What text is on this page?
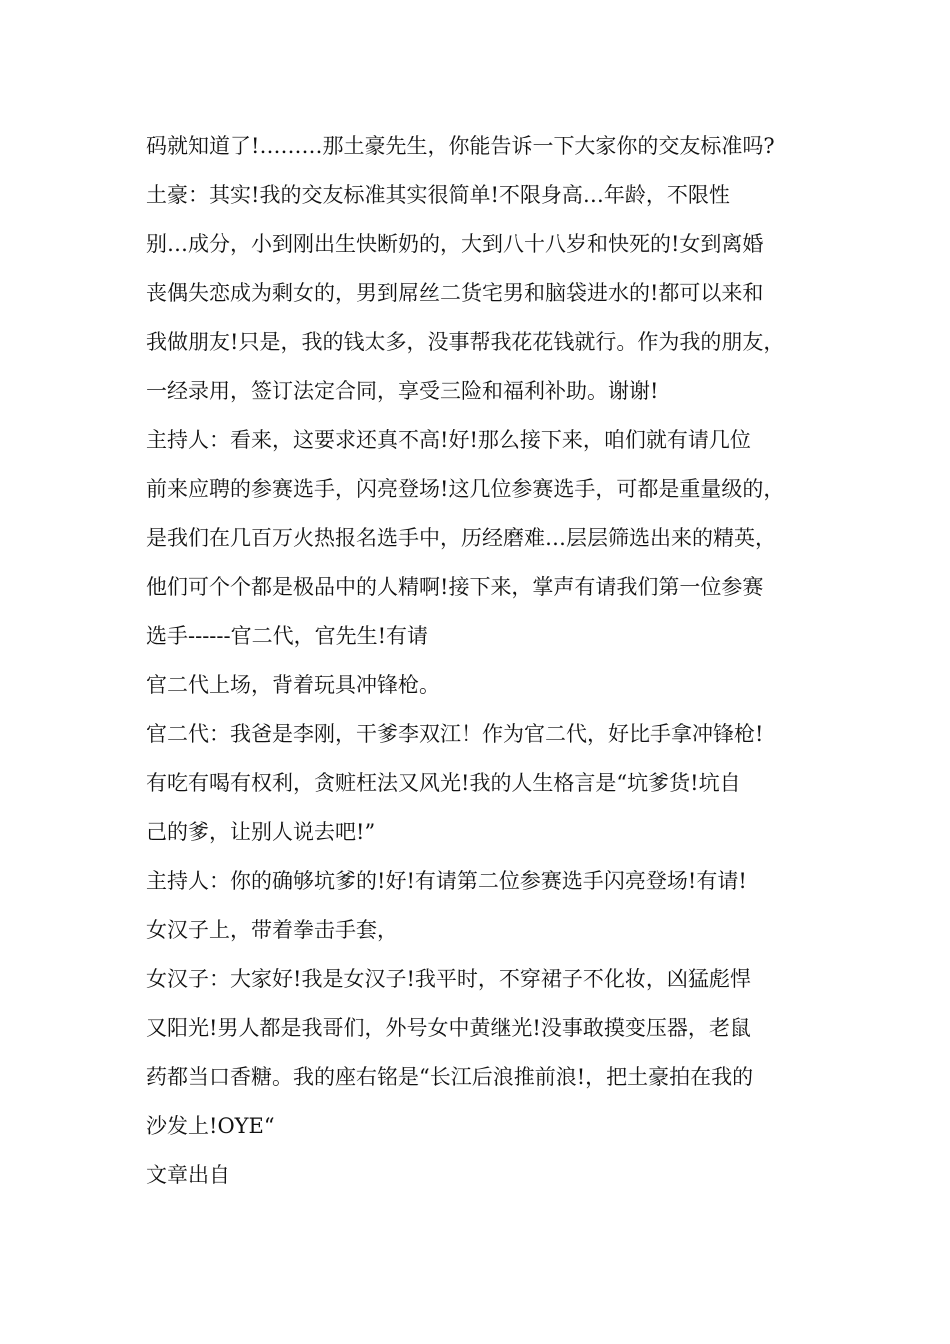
码就知道了!………那土豪先生，你能告诉一下大家你的交友标准吗?
土豪：其实!我的交友标准其实很简单!不限身高…年龄，不限性
别…成分，小到刚出生快断奶的，大到八十八岁和快死的!女到离婚
丧偶失恋成为剩女的，男到屌丝二货宅男和脑袋进水的!都可以来和
我做朋友!只是，我的钱太多，没事帮我花花钱就行。作为我的朋友，
一经录用，签订法定合同，享受三险和福利补助。谢谢!
主持人：看来，这要求还真不高!好!那么接下来，咱们就有请几位
前来应聘的参赛选手，闪亮登场!这几位参赛选手，可都是重量级的，
是我们在几百万火热报名选手中，历经磨难…层层筛选出来的精英，
他们可个个都是极品中的人精啊!接下来，掌声有请我们第一位参赛
选手------官二代，官先生!有请
官二代上场，背着玩具冲锋枪。
官二代：我爸是李刚，干爹李双江！作为官二代，好比手拿冲锋枪!
有吃有喝有权利，贪赃枉法又风光!我的人生格言是“坑爹货!坑自
己的爹，让别人说去吧!”
主持人：你的确够坑爹的!好!有请第二位参赛选手闪亮登场!有请!
女汉子上，带着拳击手套，
女汉子：大家好!我是女汉子!我平时，不穿裙子不化妆，凶猛彪悍
又阳光!男人都是我哥们，外号女中黄继光!没事敢摸变压器，老鼠
药都当口香糖。我的座右铭是“长江后浪推前浪!，把土豪拍在我的
沙发上!OYE“
文章出自
